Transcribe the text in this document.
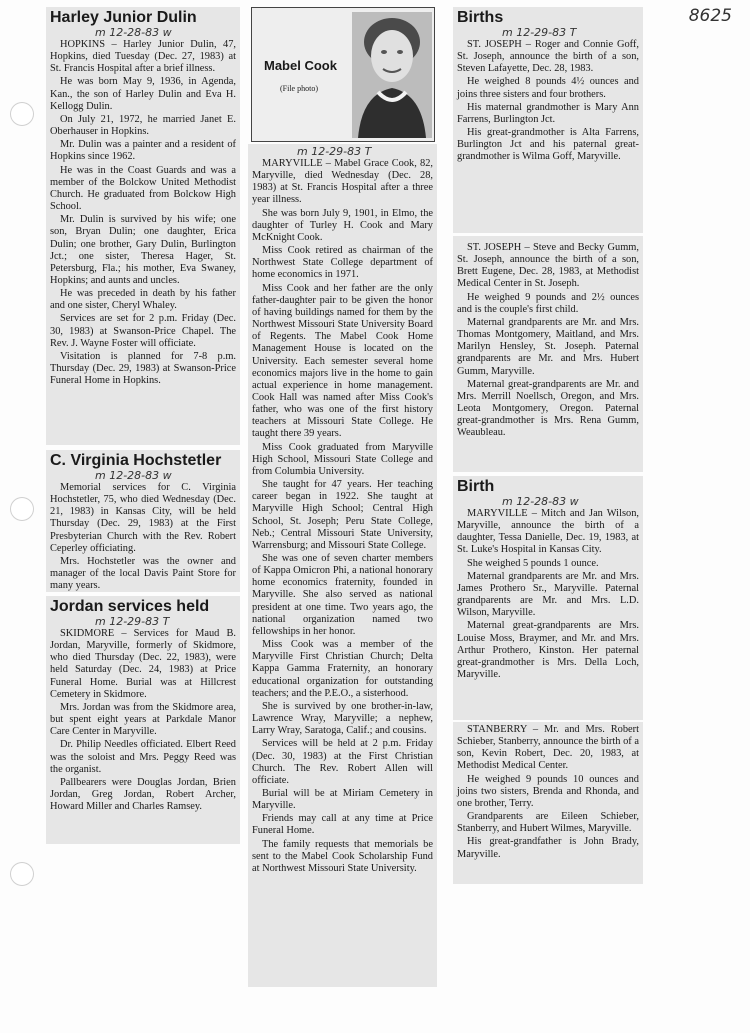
8625
Harley Junior Dulin
m 12-28-83 w

HOPKINS – Harley Junior Dulin, 47, Hopkins, died Tuesday (Dec. 27, 1983) at St. Francis Hospital after a brief illness.

He was born May 9, 1936, in Agenda, Kan., the son of Harley Dulin and Eva H. Kellogg Dulin.

On July 21, 1972, he married Janet E. Oberhauser in Hopkins.

Mr. Dulin was a painter and a resident of Hopkins since 1962.

He was in the Coast Guards and was a member of the Bolckow United Methodist Church. He graduated from Bolckow High School.

Mr. Dulin is survived by his wife; one son, Bryan Dulin; one daughter, Erica Dulin; one brother, Gary Dulin, Burlington Jct.; one sister, Theresa Hager, St. Petersburg, Fla.; his mother, Eva Swaney, Hopkins; and aunts and uncles.

He was preceded in death by his father and one sister, Cheryl Whaley.

Services are set for 2 p.m. Friday (Dec. 30, 1983) at Swanson-Price Chapel. The Rev. J. Wayne Foster will officiate.

Visitation is planned for 7-8 p.m. Thursday (Dec. 29, 1983) at Swanson-Price Funeral Home in Hopkins.

C. Virginia Hochstetler
m 12-28-83 w

Memorial services for C. Virginia Hochstetler, 75, who died Wednesday (Dec. 21, 1983) in Kansas City, will be held Thursday (Dec. 29, 1983) at the First Presbyterian Church with the Rev. Robert Ceperley officiating.

Mrs. Hochstetler was the owner and manager of the local Davis Paint Store for many years.

Jordan services held
m 12-29-83 T

SKIDMORE – Services for Maud B. Jordan, Maryville, formerly of Skidmore, who died Thursday (Dec. 22, 1983), were held Saturday (Dec. 24, 1983) at Price Funeral Home. Burial was at Hillcrest Cemetery in Skidmore.

Mrs. Jordan was from the Skidmore area, but spent eight years at Parkdale Manor Care Center in Maryville.

Dr. Philip Needles officiated. Elbert Reed was the soloist and Mrs. Peggy Reed was the organist.

Pallbearers were Douglas Jordan, Brien Jordan, Greg Jordan, Robert Archer, Howard Miller and Charles Ramsey.

Mabel Cook
(File photo)
m 12-29-83 T

MARYVILLE – Mabel Grace Cook, 82, Maryville, died Wednesday (Dec. 28, 1983) at St. Francis Hospital after a three year illness.

She was born July 9, 1901, in Elmo, the daughter of Turley H. Cook and Mary McKnight Cook.

Miss Cook retired as chairman of the Northwest State College department of home economics in 1971.

Miss Cook and her father are the only father-daughter pair to be given the honor of having buildings named for them by the Northwest Missouri State University Board of Regents. The Mabel Cook Home Management House is located on the University. Each semester several home economics majors live in the home to gain actual experience in home management. Cook Hall was named after Miss Cook's father, who was one of the first history teachers at Missouri State College. He taught there 39 years.

Miss Cook graduated from Maryville High School, Missouri State College and from Columbia University.

She taught for 47 years. Her teaching career began in 1922. She taught at Maryville High School; Central High School, St. Joseph; Peru State College, Neb.; Central Missouri State University, Warrensburg; and Missouri State College.

She was one of seven charter members of Kappa Omicron Phi, a national honorary home economics fraternity, founded in Maryville. She also served as national president at one time. Two years ago, the national organization named two fellowships in her honor.

Miss Cook was a member of the Maryville First Christian Church; Delta Kappa Gamma Fraternity, an honorary educational organization for outstanding teachers; and the P.E.O., a sisterhood.

She is survived by one brother-in-law, Lawrence Wray, Maryville; a nephew, Larry Wray, Saratoga, Calif.; and cousins.

Services will be held at 2 p.m. Friday (Dec. 30, 1983) at the First Christian Church. The Rev. Robert Allen will officiate.

Burial will be at Miriam Cemetery in Maryville.

Friends may call at any time at Price Funeral Home.

The family requests that memorials be sent to the Mabel Cook Scholarship Fund at Northwest Missouri State University.

Births
m 12-29-83 T

ST. JOSEPH – Roger and Connie Goff, St. Joseph, announce the birth of a son, Steven Lafayette, Dec. 28, 1983.

He weighed 8 pounds 4½ ounces and joins three sisters and four brothers.

His maternal grandmother is Mary Ann Farrens, Burlington Jct.

His great-grandmother is Alta Farrens, Burlington Jct and his paternal great-grandmother is Wilma Goff, Maryville.

ST. JOSEPH – Steve and Becky Gumm, St. Joseph, announce the birth of a son, Brett Eugene, Dec. 28, 1983, at Methodist Medical Center in St. Joseph.

He weighed 9 pounds and 2½ ounces and is the couple's first child.

Maternal grandparents are Mr. and Mrs. Thomas Montgomery, Maitland, and Mrs. Marilyn Hensley, St. Joseph. Paternal grandparents are Mr. and Mrs. Hubert Gumm, Maryville.

Maternal great-grandparents are Mr. and Mrs. Merrill Noellsch, Oregon, and Mrs. Leota Montgomery, Oregon. Paternal great-grandmother is Mrs. Rena Gumm, Weaubleau.

Birth
m 12-28-83 w

MARYVILLE – Mitch and Jan Wilson, Maryville, announce the birth of a daughter, Tessa Danielle, Dec. 19, 1983, at St. Luke's Hospital in Kansas City.

She weighed 5 pounds 1 ounce.

Maternal grandparents are Mr. and Mrs. James Prothero Sr., Maryville. Paternal grandparents are Mr. and Mrs. L.D. Wilson, Maryville.

Maternal great-grandparents are Mrs. Louise Moss, Braymer, and Mr. and Mrs. Arthur Prothero, Kinston. Her paternal great-grandmother is Mrs. Della Loch, Maryville.

STANBERRY – Mr. and Mrs. Robert Schieber, Stanberry, announce the birth of a son, Kevin Robert, Dec. 20, 1983, at Methodist Medical Center.

He weighed 9 pounds 10 ounces and joins two sisters, Brenda and Rhonda, and one brother, Terry.

Grandparents are Eileen Schieber, Stanberry, and Hubert Wilmes, Maryville.

His great-grandfather is John Brady, Maryville.
